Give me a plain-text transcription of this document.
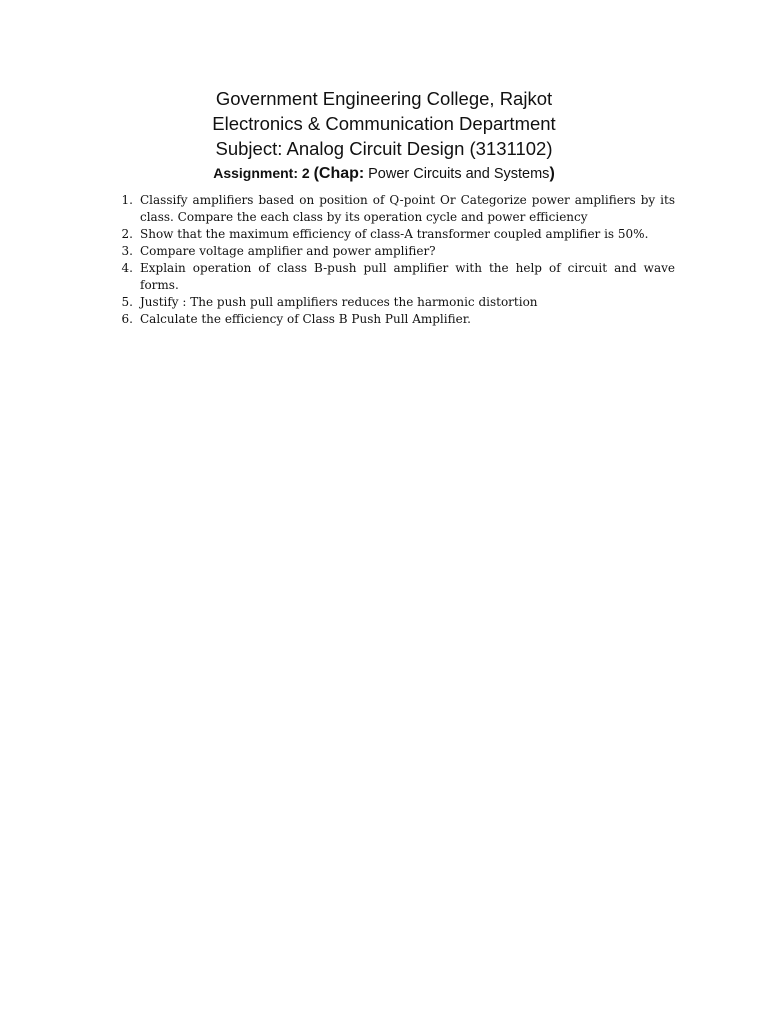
Government Engineering College, Rajkot
Electronics & Communication Department
Subject: Analog Circuit Design (3131102)
Assignment: 2 (Chap: Power Circuits and Systems)
1. Classify amplifiers based on position of Q-point Or Categorize power amplifiers by its class. Compare the each class by its operation cycle and power efficiency
2. Show that the maximum efficiency of class-A transformer coupled amplifier is 50%.
3. Compare voltage amplifier and power amplifier?
4. Explain operation of class B-push pull amplifier with the help of circuit and wave forms.
5. Justify : The push pull amplifiers reduces the harmonic distortion
6. Calculate the efficiency of Class B Push Pull Amplifier.
